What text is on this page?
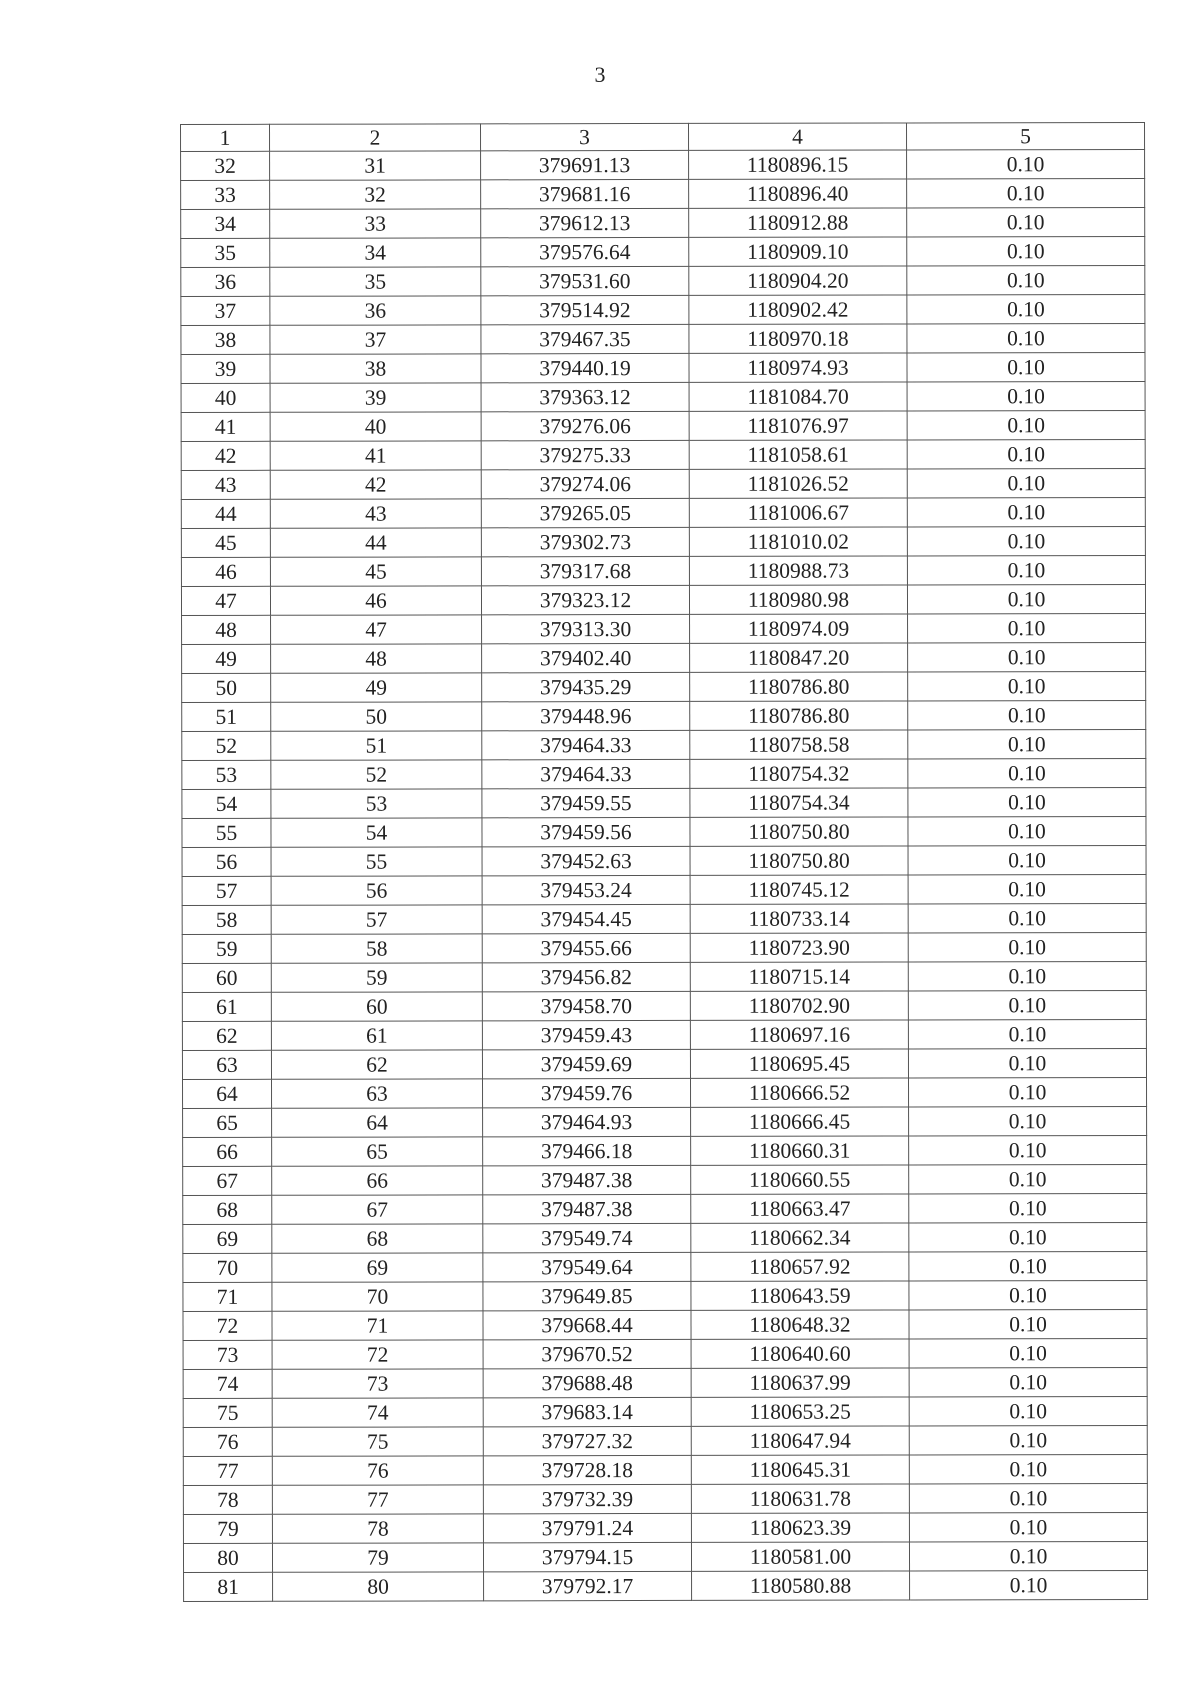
3
1	2	3	4	5
32	31	379691.13	1180896.15	0.10
33	32	379681.16	1180896.40	0.10
34	33	379612.13	1180912.88	0.10
35	34	379576.64	1180909.10	0.10
36	35	379531.60	1180904.20	0.10
37	36	379514.92	1180902.42	0.10
38	37	379467.35	1180970.18	0.10
39	38	379440.19	1180974.93	0.10
40	39	379363.12	1181084.70	0.10
41	40	379276.06	1181076.97	0.10
42	41	379275.33	1181058.61	0.10
43	42	379274.06	1181026.52	0.10
44	43	379265.05	1181006.67	0.10
45	44	379302.73	1181010.02	0.10
46	45	379317.68	1180988.73	0.10
47	46	379323.12	1180980.98	0.10
48	47	379313.30	1180974.09	0.10
49	48	379402.40	1180847.20	0.10
50	49	379435.29	1180786.80	0.10
51	50	379448.96	1180786.80	0.10
52	51	379464.33	1180758.58	0.10
53	52	379464.33	1180754.32	0.10
54	53	379459.55	1180754.34	0.10
55	54	379459.56	1180750.80	0.10
56	55	379452.63	1180750.80	0.10
57	56	379453.24	1180745.12	0.10
58	57	379454.45	1180733.14	0.10
59	58	379455.66	1180723.90	0.10
60	59	379456.82	1180715.14	0.10
61	60	379458.70	1180702.90	0.10
62	61	379459.43	1180697.16	0.10
63	62	379459.69	1180695.45	0.10
64	63	379459.76	1180666.52	0.10
65	64	379464.93	1180666.45	0.10
66	65	379466.18	1180660.31	0.10
67	66	379487.38	1180660.55	0.10
68	67	379487.38	1180663.47	0.10
69	68	379549.74	1180662.34	0.10
70	69	379549.64	1180657.92	0.10
71	70	379649.85	1180643.59	0.10
72	71	379668.44	1180648.32	0.10
73	72	379670.52	1180640.60	0.10
74	73	379688.48	1180637.99	0.10
75	74	379683.14	1180653.25	0.10
76	75	379727.32	1180647.94	0.10
77	76	379728.18	1180645.31	0.10
78	77	379732.39	1180631.78	0.10
79	78	379791.24	1180623.39	0.10
80	79	379794.15	1180581.00	0.10
81	80	379792.17	1180580.88	0.10
